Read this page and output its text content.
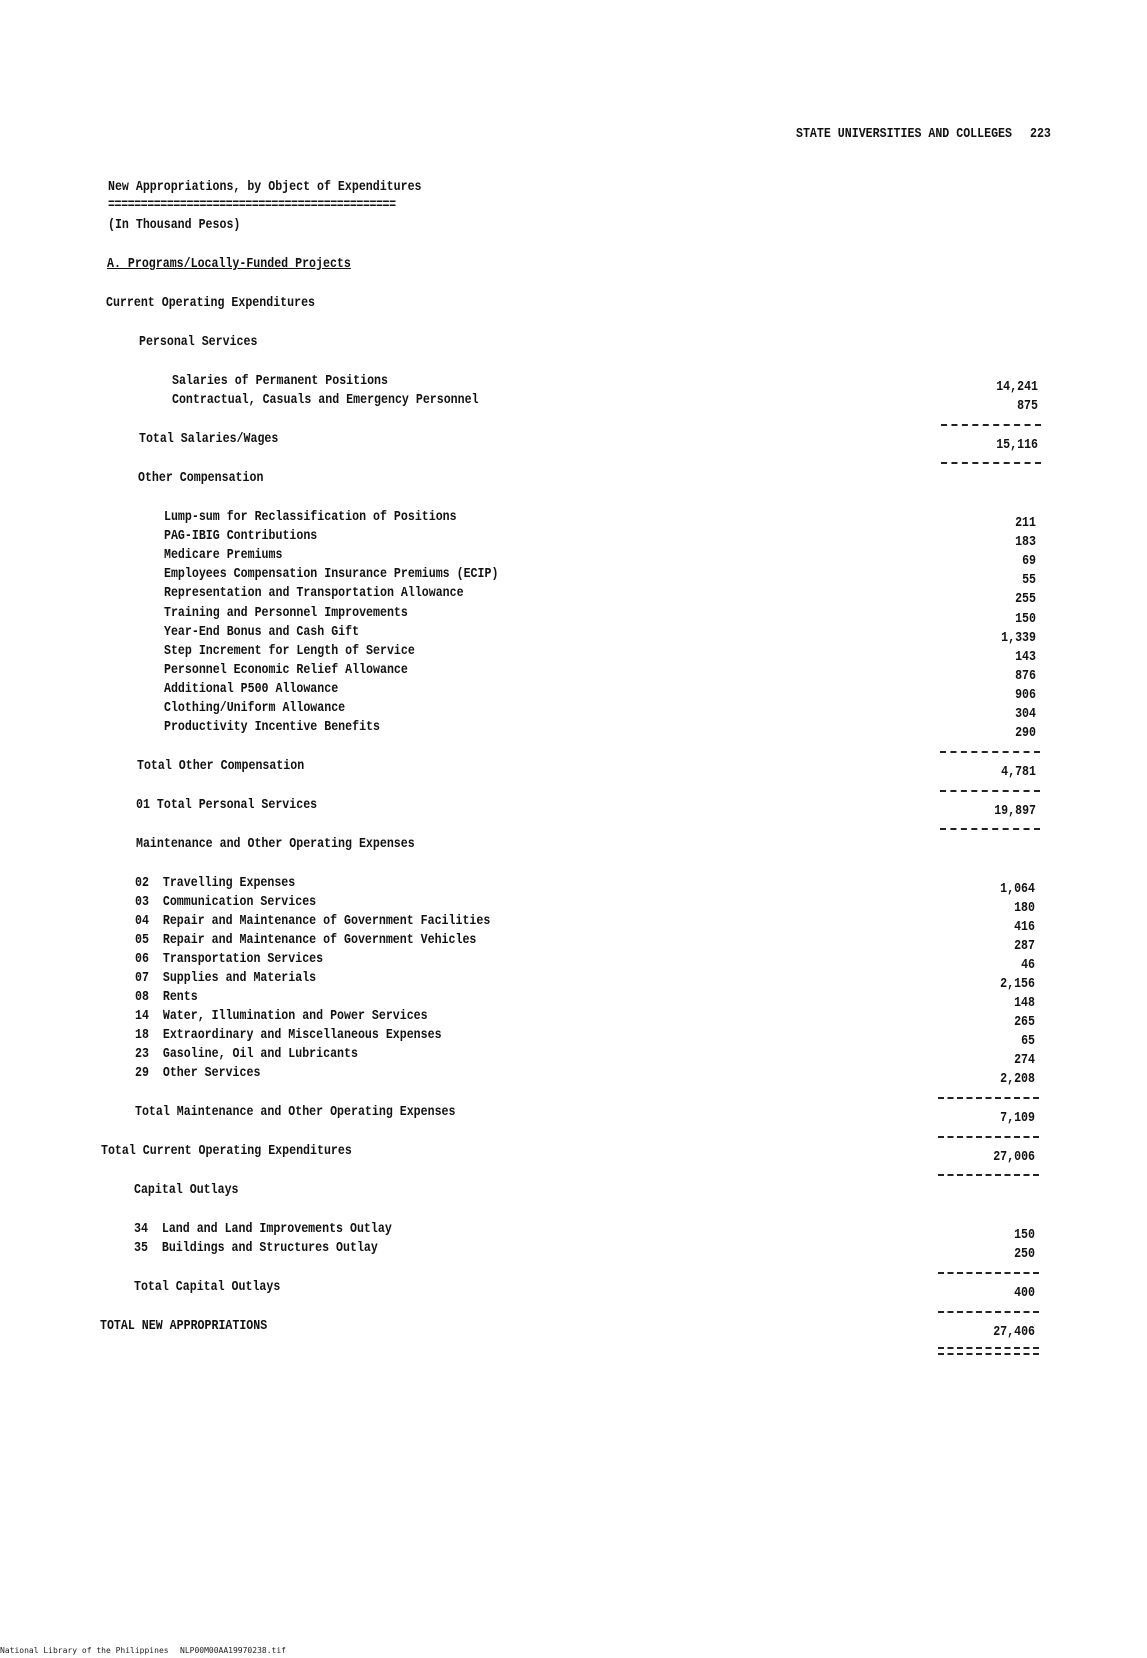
STATE UNIVERSITIES AND COLLEGES 223
New Appropriations, by Object of Expenditures
============================================
(In Thousand Pesos)
A. Programs/Locally-Funded Projects
Current Operating Expenditures
Personal Services
Salaries of Permanent Positions	14,241
Contractual, Casuals and Emergency Personnel	875
Total Salaries/Wages	15,116
Other Compensation
Lump-sum for Reclassification of Positions	211
PAG-IBIG Contributions	183
Medicare Premiums	69
Employees Compensation Insurance Premiums (ECIP)	55
Representation and Transportation Allowance	255
Training and Personnel Improvements	150
Year-End Bonus and Cash Gift	1,339
Step Increment for Length of Service	143
Personnel Economic Relief Allowance	876
Additional P500 Allowance	906
Clothing/Uniform Allowance	304
Productivity Incentive Benefits	290
Total Other Compensation	4,781
01 Total Personal Services	19,897
Maintenance and Other Operating Expenses
02  Travelling Expenses	1,064
03  Communication Services	180
04  Repair and Maintenance of Government Facilities	416
05  Repair and Maintenance of Government Vehicles	287
06  Transportation Services	46
07  Supplies and Materials	2,156
08  Rents	148
14  Water, Illumination and Power Services	265
18  Extraordinary and Miscellaneous Expenses	65
23  Gasoline, Oil and Lubricants	274
29  Other Services	2,208
Total Maintenance and Other Operating Expenses	7,109
Total Current Operating Expenditures	27,006
Capital Outlays
34  Land and Land Improvements Outlay	150
35  Buildings and Structures Outlay	250
Total Capital Outlays	400
TOTAL NEW APPROPRIATIONS	27,406
National Library of the Philippines NLP00M00AA19970238.tif
